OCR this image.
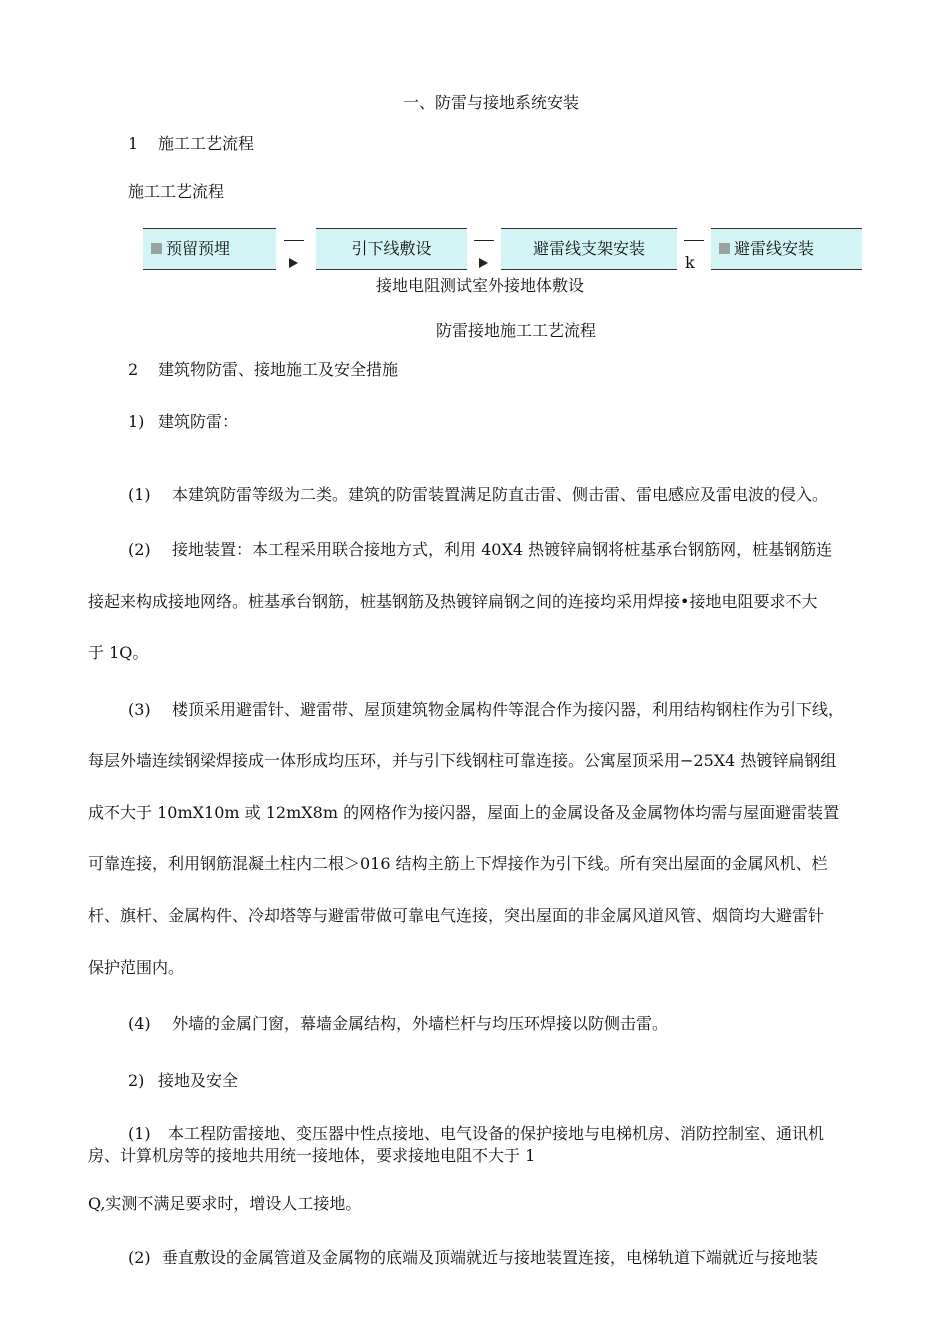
一、防雷与接地系统安装
1 施工工艺流程
施工工艺流程
预留预埋	引下线敷设	避雷线支架安装
k
避雷线安装
接地电阻测试室外接地体敷设
防雷接地施工工艺流程
2 建筑物防雷、接地施工及安全措施
1) 建筑防雷：
(1) 本建筑防雷等级为二类。建筑的防雷装置满足防直击雷、侧击雷、雷电感应及雷电波的侵入。
(2) 接地装置：本工程采用联合接地方式，利用 40X4 热镀锌扁钢将桩基承台钢筋网，桩基钢筋连
接起来构成接地网络。桩基承台钢筋，桩基钢筋及热镀锌扁钢之间的连接均采用焊接•接地电阻要求不大
于 1Q。
(3) 楼顶采用避雷针、避雷带、屋顶建筑物金属构件等混合作为接闪器，利用结构钢柱作为引下线，
每层外墙连续钢梁焊接成一体形成均压环，并与引下线钢柱可靠连接。公寓屋顶采用−25X4 热镀锌扁钢组
成不大于 10mX10m 或 12mX8m 的网格作为接闪器，屋面上的金属设备及金属物体均需与屋面避雷装置
可靠连接，利用钢筋混凝土柱内二根＞016 结构主筋上下焊接作为引下线。所有突出屋面的金属风机、栏
杆、旗杆、金属构件、冷却塔等与避雷带做可靠电气连接，突出屋面的非金属风道风管、烟筒均大避雷针
保护范围内。
(4) 外墙的金属门窗，幕墙金属结构，外墙栏杆与均压环焊接以防侧击雷。
2) 接地及安全
(1) 本工程防雷接地、变压器中性点接地、电气设备的保护接地与电梯机房、消防控制室、通讯机
房、计算机房等的接地共用统一接地体，要求接地电阻不大于 1
Q,实测不满足要求时，增设人工接地。
(2) 垂直敷设的金属管道及金属物的底端及顶端就近与接地装置连接，电梯轨道下端就近与接地装
